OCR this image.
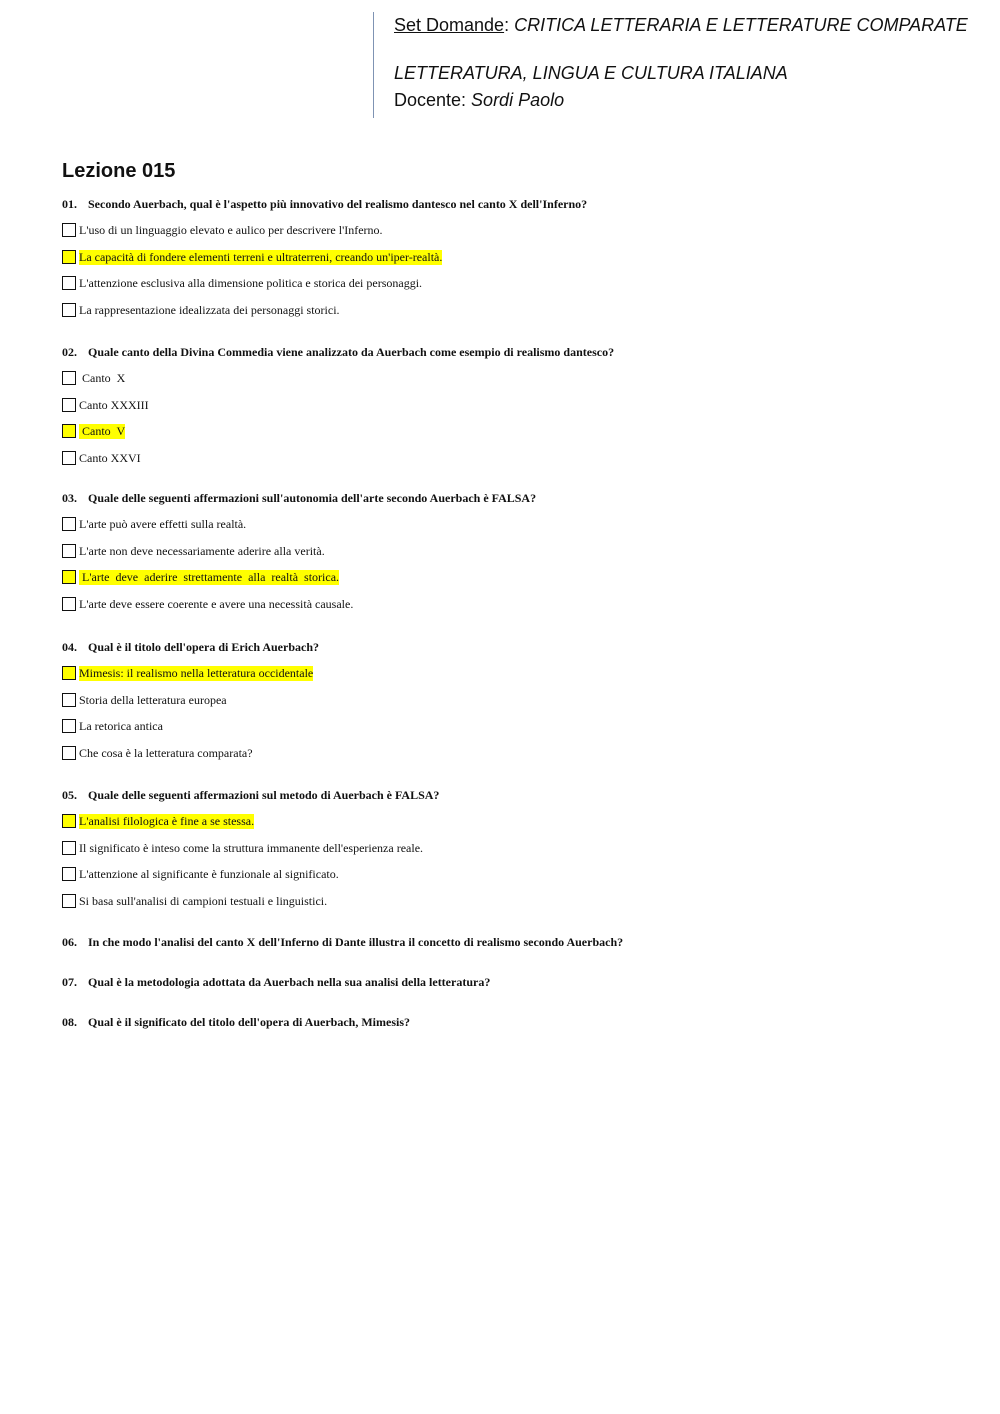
Set Domande: CRITICA LETTERARIA E LETTERATURE COMPARATE
LETTERATURA, LINGUA E CULTURA ITALIANA
Docente: Sordi Paolo
Lezione 015
01. Secondo Auerbach, qual è l'aspetto più innovativo del realismo dantesco nel canto X dell'Inferno?
L'uso di un linguaggio elevato e aulico per descrivere l'Inferno.
La capacità di fondere elementi terreni e ultraterreni, creando un'iper-realtà.
L'attenzione esclusiva alla dimensione politica e storica dei personaggi.
La rappresentazione idealizzata dei personaggi storici.
02. Quale canto della Divina Commedia viene analizzato da Auerbach come esempio di realismo dantesco?
Canto  X
Canto XXXIII
Canto  V
Canto XXVI
03. Quale delle seguenti affermazioni sull'autonomia dell'arte secondo Auerbach è FALSA?
L'arte può avere effetti sulla realtà.
L'arte non deve necessariamente aderire alla verità.
L'arte  deve  aderire  strettamente  alla  realtà  storica.
L'arte deve essere coerente e avere una necessità causale.
04. Qual è il titolo dell'opera di Erich Auerbach?
Mimesis: il realismo nella letteratura occidentale
Storia della letteratura europea
La retorica antica
Che cosa è la letteratura comparata?
05. Quale delle seguenti affermazioni sul metodo di Auerbach è FALSA?
L'analisi filologica è fine a se stessa.
Il significato è inteso come la struttura immanente dell'esperienza reale.
L'attenzione al significante è funzionale al significato.
Si basa sull'analisi di campioni testuali e linguistici.
06. In che modo l'analisi del canto X dell'Inferno di Dante illustra il concetto di realismo secondo Auerbach?
07. Qual è la metodologia adottata da Auerbach nella sua analisi della letteratura?
08. Qual è il significato del titolo dell'opera di Auerbach, Mimesis?
